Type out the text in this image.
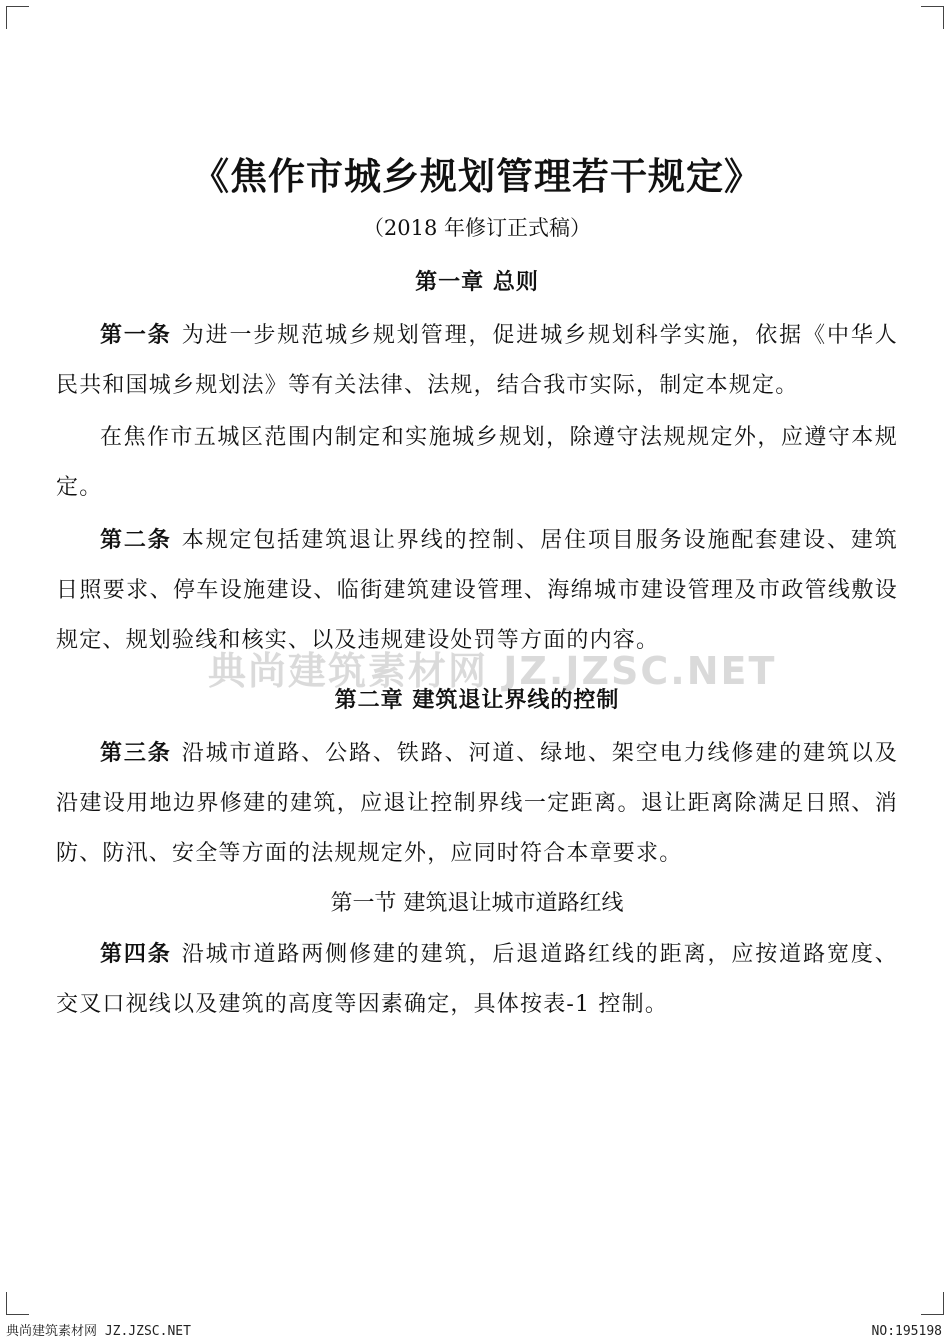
《焦作市城乡规划管理若干规定》
（2018 年修订正式稿）
第一章 总则

第一条 为进一步规范城乡规划管理，促进城乡规划科学实施，依据《中华人民共和国城乡规划法》等有关法律、法规，结合我市实际，制定本规定。

在焦作市五城区范围内制定和实施城乡规划，除遵守法规规定外，应遵守本规定。

第二条 本规定包括建筑退让界线的控制、居住项目服务设施配套建设、建筑日照要求、停车设施建设、临街建筑建设管理、海绵城市建设管理及市政管线敷设规定、规划验线和核实、以及违规建设处罚等方面的内容。

第二章 建筑退让界线的控制

第三条 沿城市道路、公路、铁路、河道、绿地、架空电力线修建的建筑以及沿建设用地边界修建的建筑，应退让控制界线一定距离。退让距离除满足日照、消防、防汛、安全等方面的法规规定外，应同时符合本章要求。

第一节 建筑退让城市道路红线

第四条 沿城市道路两侧修建的建筑，后退道路红线的距离，应按道路宽度、交叉口视线以及建筑的高度等因素确定，具体按表-1 控制。

典尚建筑素材网 JZ.JZSC.NET
典尚建筑素材网 JZ.JZSC.NET	NO:195198
